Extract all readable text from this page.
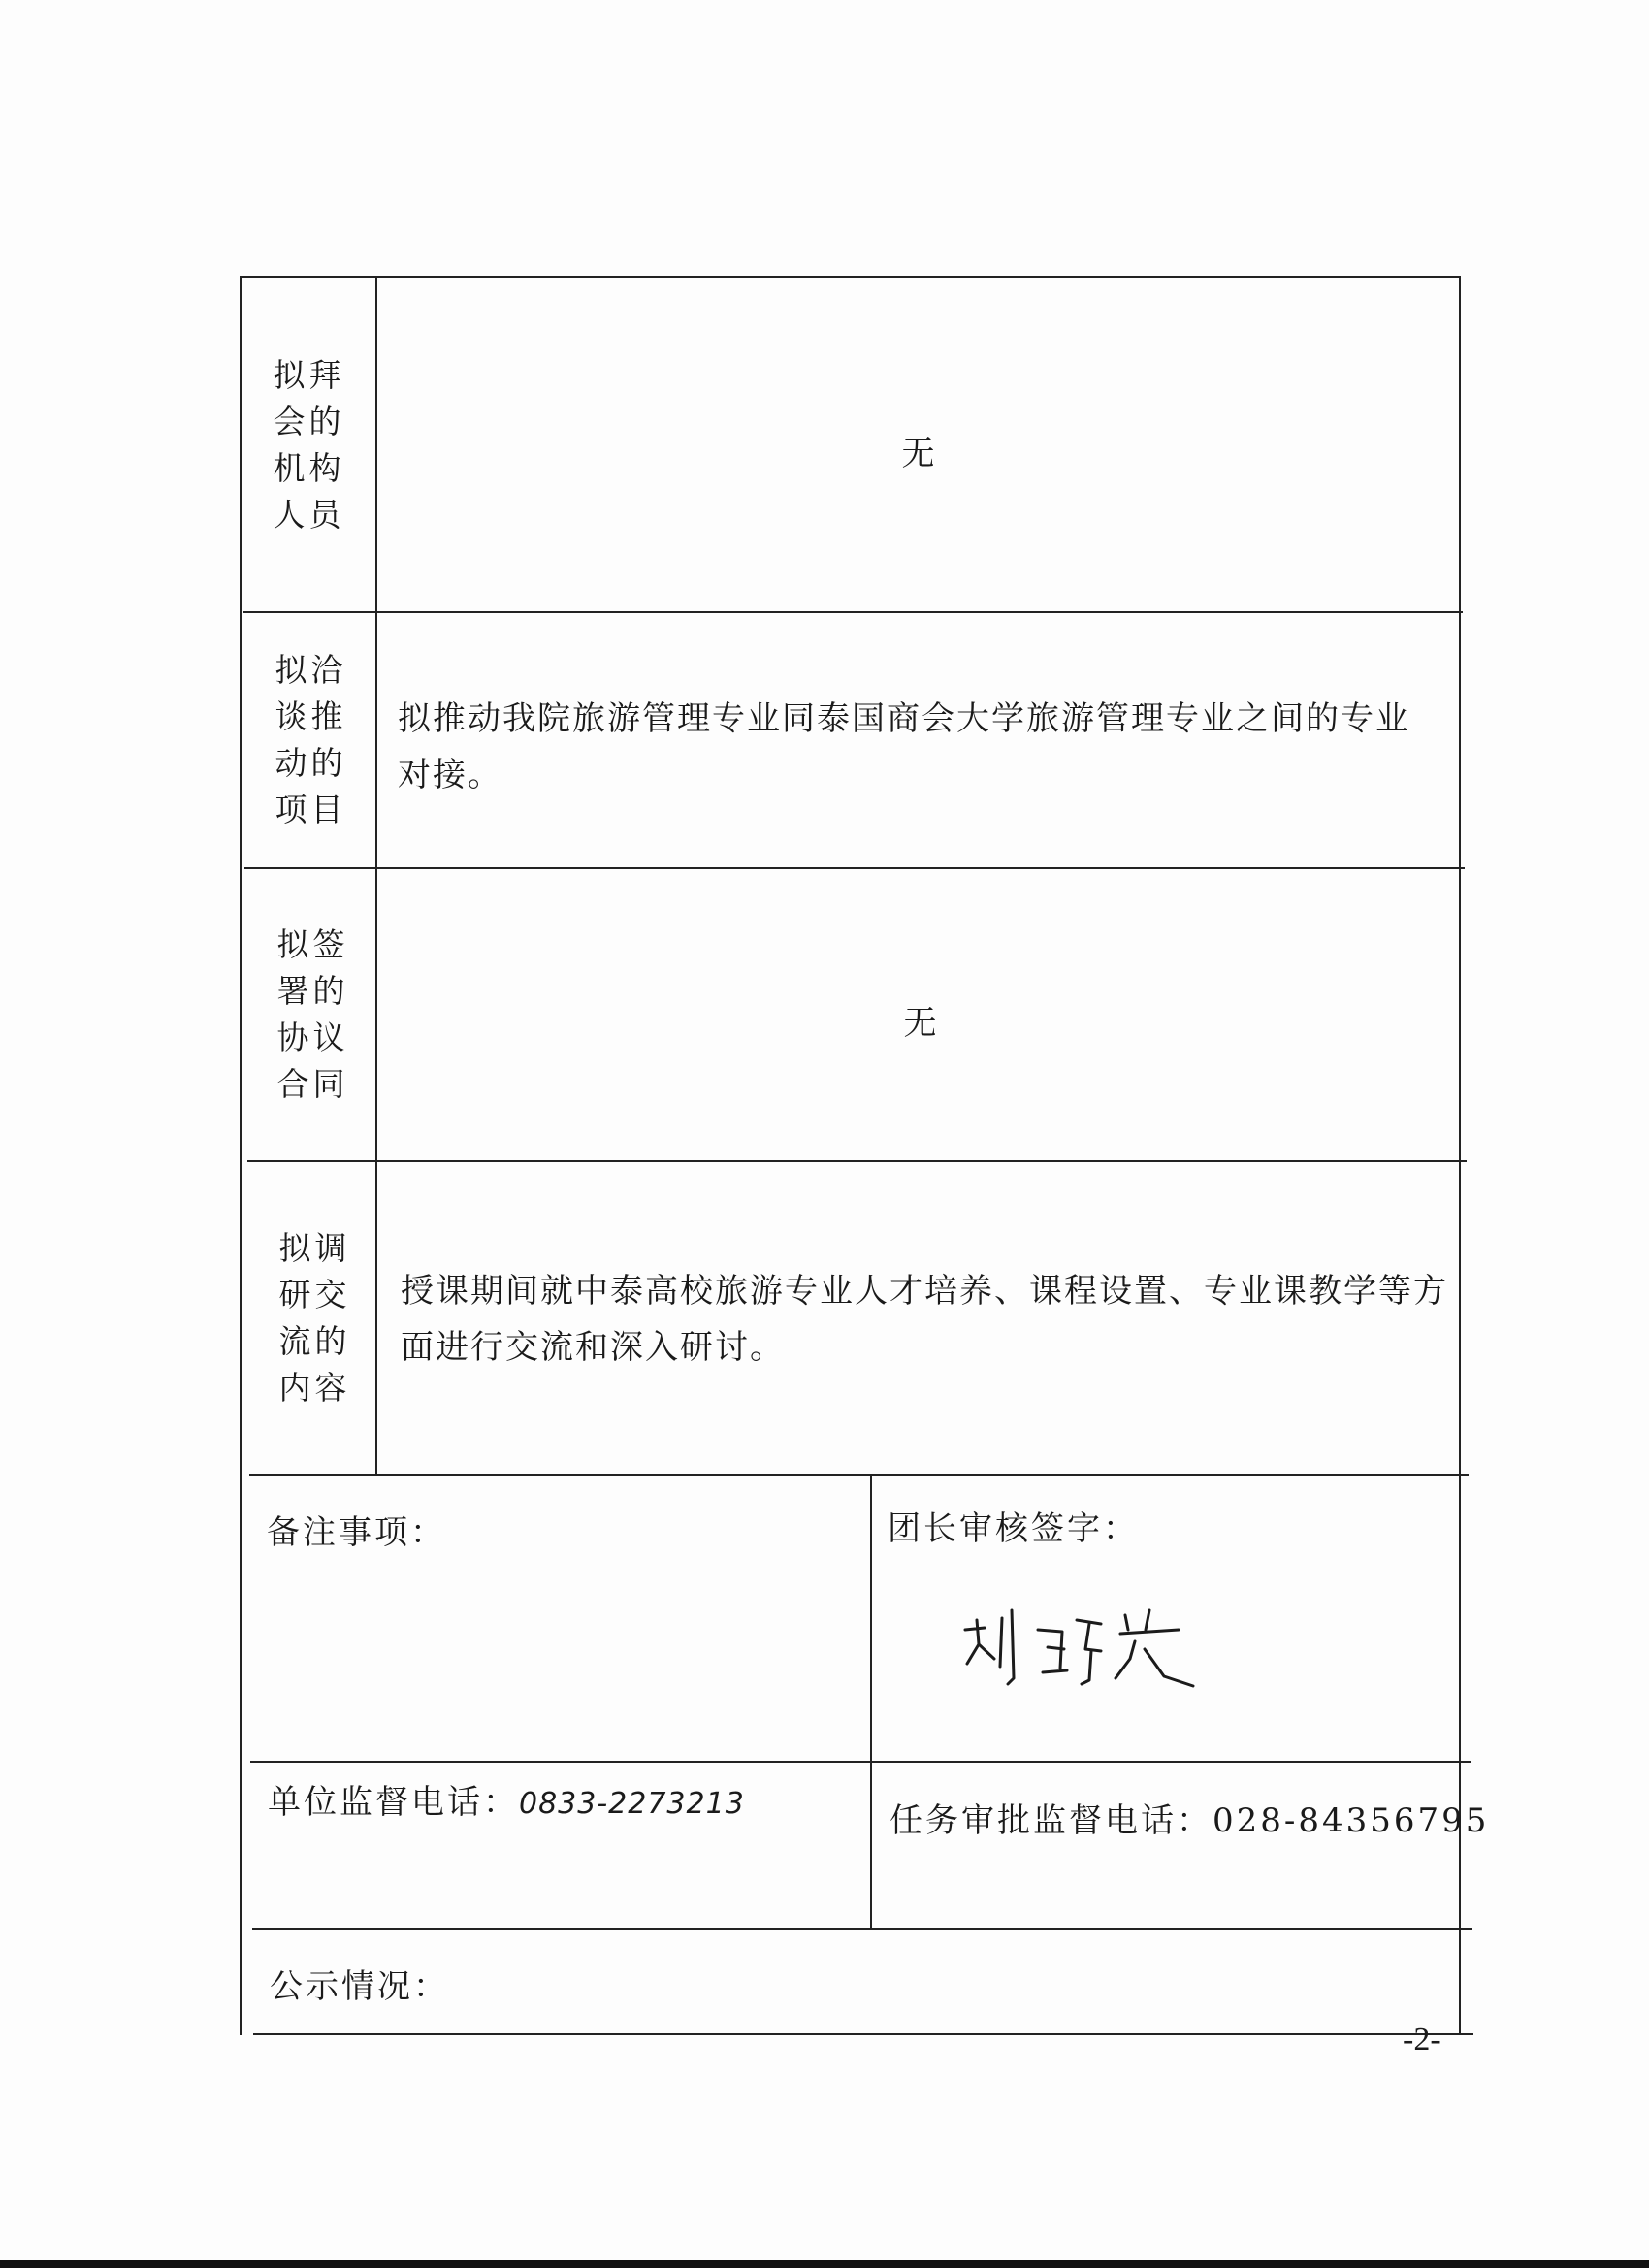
拟拜会的机构人员
无
拟洽谈推动的项目
拟推动我院旅游管理专业同泰国商会大学旅游管理专业之间的专业对接。
拟签署的协议合同
无
拟调研交流的内容
授课期间就中泰高校旅游专业人才培养、课程设置、专业课教学等方面进行交流和深入研讨。
备注事项：	团长审核签字：
单位监督电话：0833-2273213	任务审批监督电话：028-84356795
公示情况：
-2-
